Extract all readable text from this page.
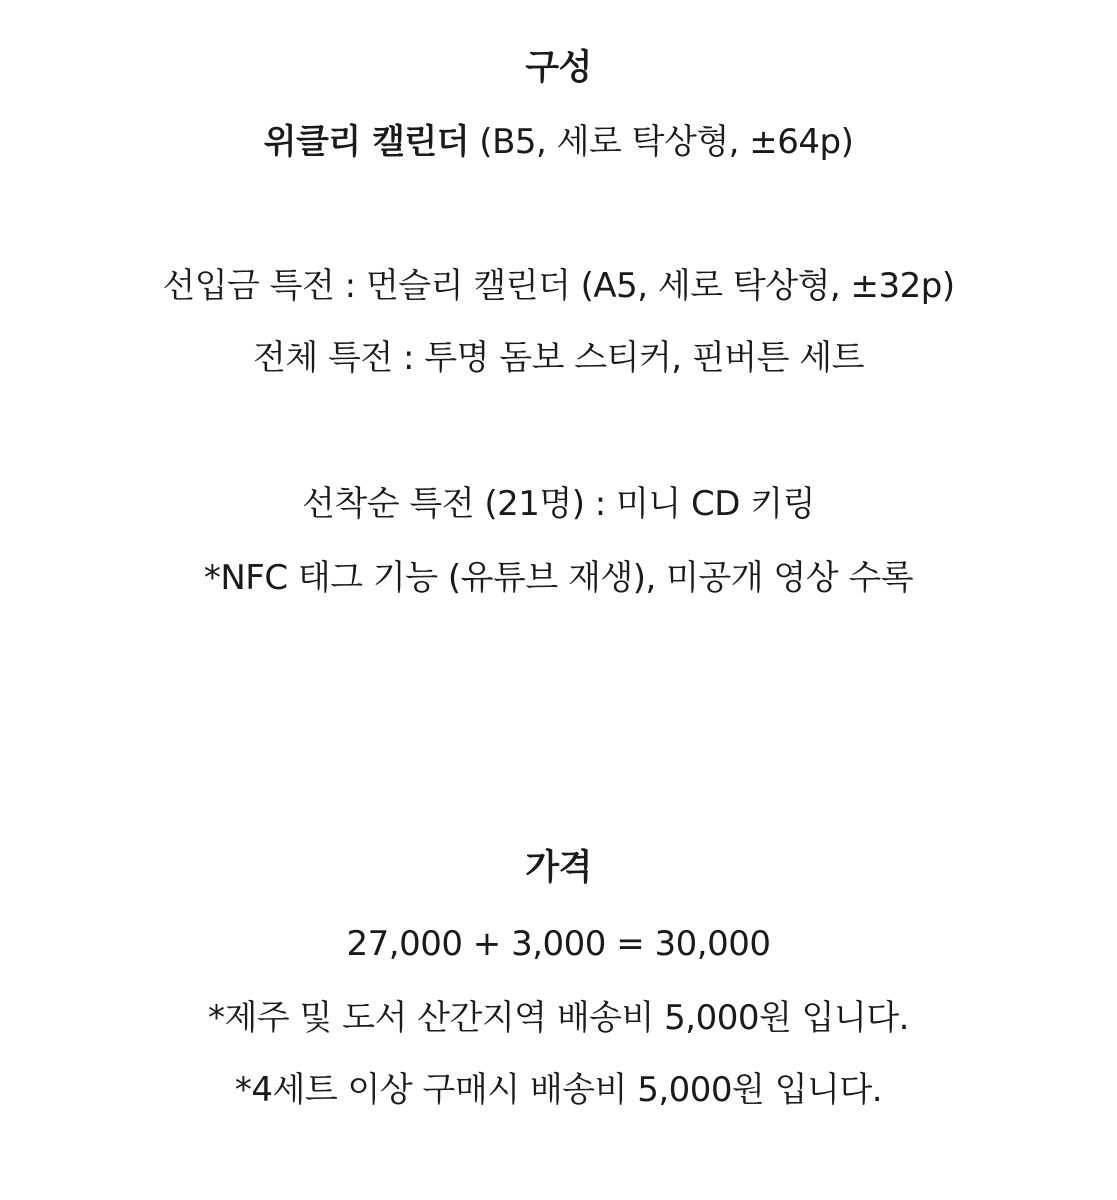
구성
위클리 캘린더 (B5, 세로 탁상형, ±64p)
선입금 특전 : 먼슬리 캘린더 (A5, 세로 탁상형, ±32p)
전체 특전 : 투명 돔보 스티커, 핀버튼 세트
선착순 특전 (21명) : 미니 CD 키링
*NFC 태그 기능 (유튜브 재생), 미공개 영상 수록
가격
27,000 + 3,000 = 30,000
*제주 및 도서 산간지역 배송비 5,000원 입니다.
*4세트 이상 구매시 배송비 5,000원 입니다.
